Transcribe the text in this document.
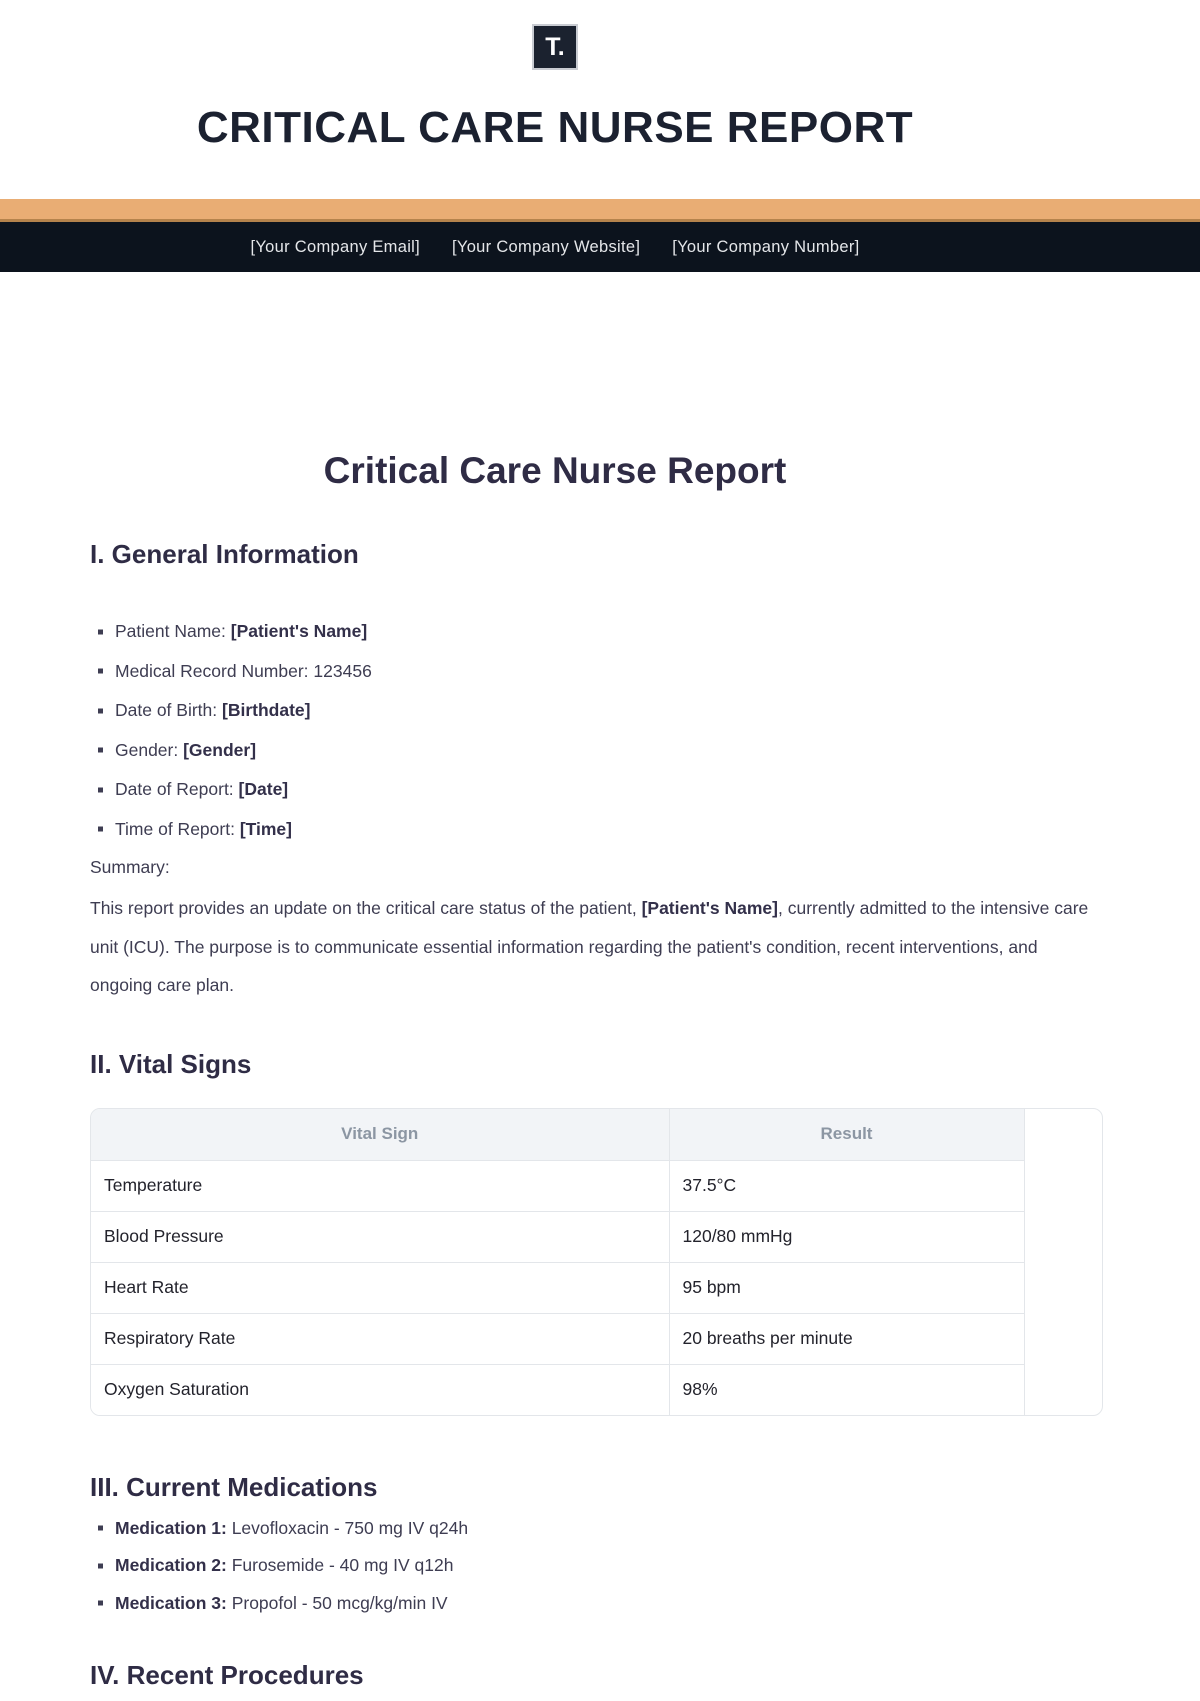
T.
CRITICAL CARE NURSE REPORT
[Your Company Email] [Your Company Website] [Your Company Number]
Critical Care Nurse Report
I. General Information
Patient Name: [Patient's Name]
Medical Record Number: 123456
Date of Birth: [Birthdate]
Gender: [Gender]
Date of Report: [Date]
Time of Report: [Time]

Summary:

This report provides an update on the critical care status of the patient, [Patient's Name], currently admitted to the intensive care unit (ICU). The purpose is to communicate essential information regarding the patient's condition, recent interventions, and ongoing care plan.

II. Vital Signs
Vital Sign	Result
Temperature	37.5°C
Blood Pressure	120/80 mmHg
Heart Rate	95 bpm
Respiratory Rate	20 breaths per minute
Oxygen Saturation	98%
III. Current Medications
Medication 1: Levofloxacin - 750 mg IV q24h
Medication 2: Furosemide - 40 mg IV q12h
Medication 3: Propofol - 50 mcg/kg/min IV
IV. Recent Procedures
